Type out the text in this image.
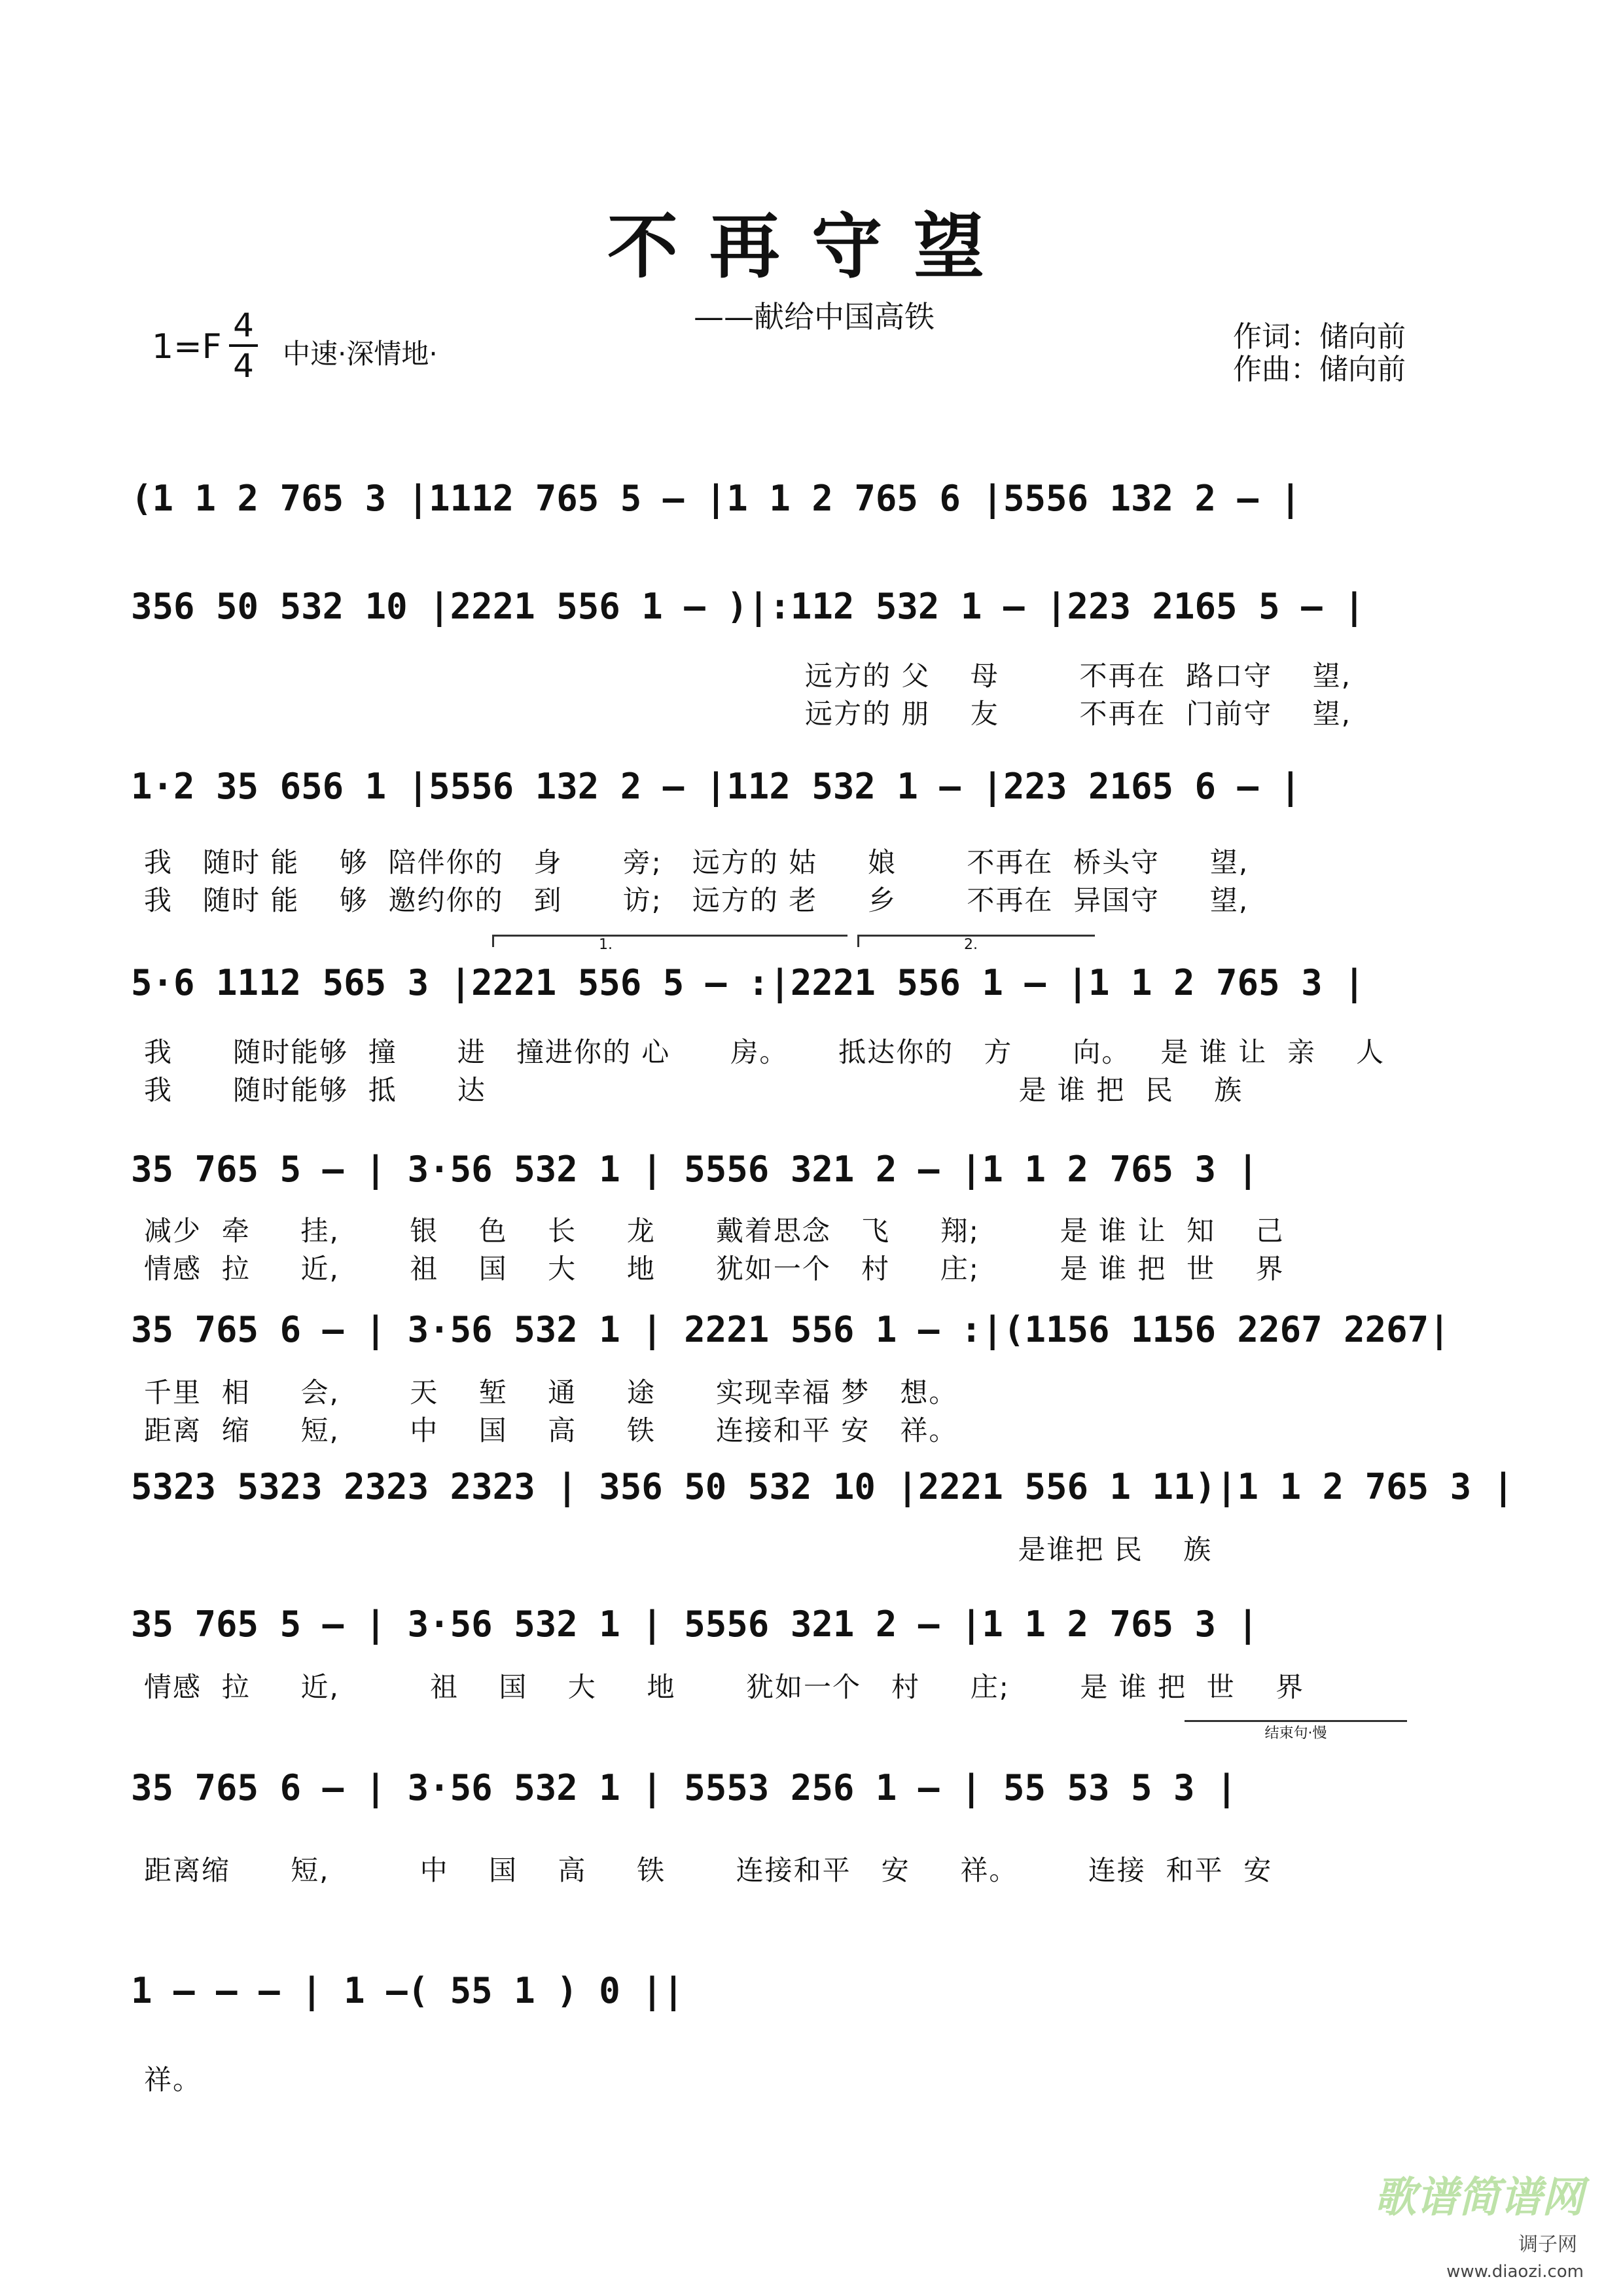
不再守望
——献给中国高铁
1=F
4
4 中速·深情地·
作词：储向前
作曲：储向前
(1 1 2 765 3 |1112 765 5 – |1 1 2 765 6 |5556 132 2 – |
356 50 532 10 |2221 556 1 – )|:112 532 1 – |223 2165 5 – |
远方的 父    母        不再在  路口守    望,
远方的 朋    友        不再在  门前守    望,
1·2 35 656 1 |5556 132 2 – |112 532 1 – |223 2165 6 – |
我   随时 能    够  陪伴你的   身      旁;   远方的 姑     娘       不再在  桥头守     望,
我   随时 能    够  邀约你的   到      访;   远方的 老     乡       不再在  异国守     望,
1.	2.
5·6 1112 565 3 |2221 556 5 – :|2221 556 1 – |1 1 2 765 3 |
我      随时能够  撞      进   撞进你的 心      房。     抵达你的   方      向。   是 谁 让  亲    人
我      随时能够  抵      达                                                     是 谁 把  民    族
35 765 5 – | 3·56 532 1 | 5556 321 2 – |1 1 2 765 3 |
减少  牵     挂,       银    色    长     龙      戴着思念   飞     翔;        是 谁 让  知    己
情感  拉     近,       祖    国    大     地      犹如一个   村     庄;        是 谁 把  世    界
35 765 6 – | 3·56 532 1 | 2221 556 1 – :|(1156 1156 2267 2267|
千里  相     会,       天    堑    通     途      实现幸福 梦   想。
距离  缩     短,       中    国    高     铁      连接和平 安   祥。
5323 5323 2323 2323 | 356 50 532 10 |2221 556 1 11)|1 1 2 765 3 |
是谁把 民    族
35 765 5 – | 3·56 532 1 | 5556 321 2 – |1 1 2 765 3 |
情感  拉     近,         祖    国    大     地       犹如一个   村     庄;       是 谁 把  世    界
结束句·慢
35 765 6 – | 3·56 532 1 | 5553 256 1 – | 55 53 5 3 |
距离缩      短,         中    国    高     铁       连接和平   安     祥。       连接  和平  安
1 – – – | 1 –( 55 1 ) 0 ||
祥。
歌谱简谱网
调子网
www.diaozi.com
